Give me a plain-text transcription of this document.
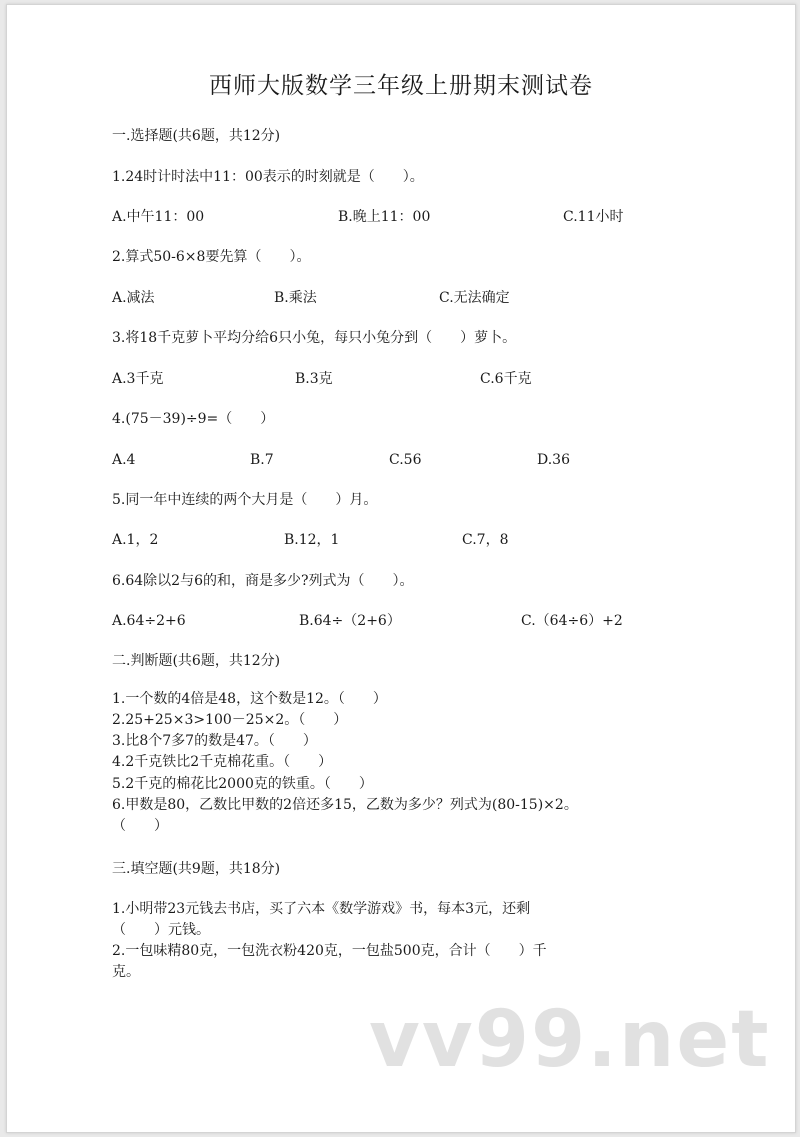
西师大版数学三年级上册期末测试卷
一.选择题(共6题，共12分)
1.24时计时法中11：00表示的时刻就是（　　）。
A.中午11：00	B.晚上11：00	C.11小时
2.算式50-6×8要先算（　　）。
A.减法	B.乘法	C.无法确定
3.将18千克萝卜平均分给6只小兔，每只小兔分到（　　）萝卜。
A.3千克	B.3克	C.6千克
4.(75－39)÷9=（　　）
A.4	B.7	C.56	D.36
5.同一年中连续的两个大月是（　　）月。
A.1，2	B.12，1	C.7，8
6.64除以2与6的和，商是多少?列式为（　　）。
A.64÷2+6	B.64÷（2+6）	C.（64÷6）+2
二.判断题(共6题，共12分)
1.一个数的4倍是48，这个数是12。（　　）
2.25+25×3>100－25×2。（　　）
3.比8个7多7的数是47。（　　）
4.2千克铁比2千克棉花重。（　　）
5.2千克的棉花比2000克的铁重。（　　）
6.甲数是80，乙数比甲数的2倍还多15，乙数为多少？列式为(80-15)×2。
（　　）
三.填空题(共9题，共18分)
1.小明带23元钱去书店，买了六本《数学游戏》书，每本3元，还剩
（　　）元钱。
2.一包味精80克，一包洗衣粉420克，一包盐500克，合计（　　）千
克。
vv99.net
